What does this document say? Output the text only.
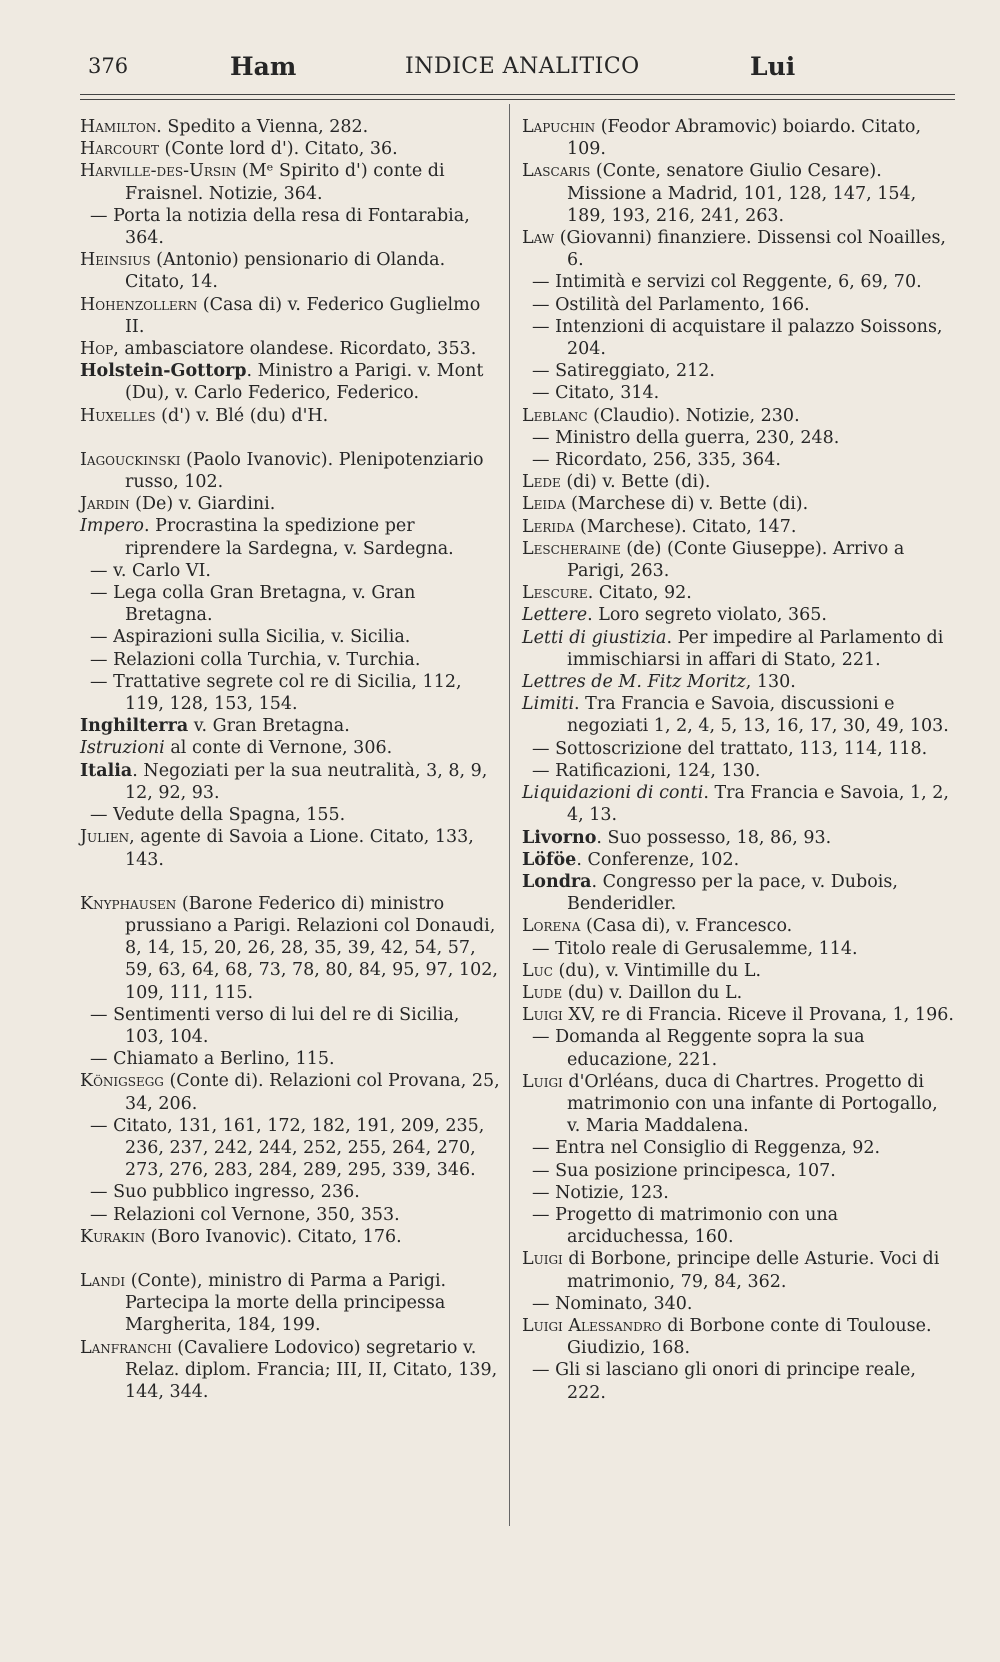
376	Ham	INDICE ANALITICO	Lui

Hamilton. Spedito a Vienna, 282.

Harcourt (Conte lord d'). Citato, 36.

Harville-des-Ursin (Mᵉ Spirito d') conte di Fraisnel. Notizie, 364.

— Porta la notizia della resa di Fontarabia, 364.

Heinsius (Antonio) pensionario di Olanda. Citato, 14.

Hohenzollern (Casa di) v. Federico Guglielmo II.

Hop, ambasciatore olandese. Ricordato, 353.

Holstein-Gottorp. Ministro a Parigi. v. Mont (Du), v. Carlo Federico, Federico.

Huxelles (d') v. Blé (du) d'H.

Iagouckinski (Paolo Ivanovic). Plenipotenziario russo, 102.

Jardin (De) v. Giardini.

Impero. Procrastina la spedizione per riprendere la Sardegna, v. Sardegna.

— v. Carlo VI.

— Lega colla Gran Bretagna, v. Gran Bretagna.

— Aspirazioni sulla Sicilia, v. Sicilia.

— Relazioni colla Turchia, v. Turchia.

— Trattative segrete col re di Sicilia, 112, 119, 128, 153, 154.

Inghilterra v. Gran Bretagna.

Istruzioni al conte di Vernone, 306.

Italia. Negoziati per la sua neutralità, 3, 8, 9, 12, 92, 93.

— Vedute della Spagna, 155.

Julien, agente di Savoia a Lione. Citato, 133, 143.

Knyphausen (Barone Federico di) ministro prussiano a Parigi. Relazioni col Donaudi, 8, 14, 15, 20, 26, 28, 35, 39, 42, 54, 57, 59, 63, 64, 68, 73, 78, 80, 84, 95, 97, 102, 109, 111, 115.

— Sentimenti verso di lui del re di Sicilia, 103, 104.

— Chiamato a Berlino, 115.

Königsegg (Conte di). Relazioni col Provana, 25, 34, 206.

— Citato, 131, 161, 172, 182, 191, 209, 235, 236, 237, 242, 244, 252, 255, 264, 270, 273, 276, 283, 284, 289, 295, 339, 346.

— Suo pubblico ingresso, 236.

— Relazioni col Vernone, 350, 353.

Kurakin (Boro Ivanovic). Citato, 176.

Landi (Conte), ministro di Parma a Parigi. Partecipa la morte della principessa Margherita, 184, 199.

Lanfranchi (Cavaliere Lodovico) segretario v. Relaz. diplom. Francia; III, II, Citato, 139, 144, 344.

Lapuchin (Feodor Abramovic) boiardo. Citato, 109.

Lascaris (Conte, senatore Giulio Cesare). Missione a Madrid, 101, 128, 147, 154, 189, 193, 216, 241, 263.

Law (Giovanni) finanziere. Dissensi col Noailles, 6.

— Intimità e servizi col Reggente, 6, 69, 70.

— Ostilità del Parlamento, 166.

— Intenzioni di acquistare il palazzo Soissons, 204.

— Satireggiato, 212.

— Citato, 314.

Leblanc (Claudio). Notizie, 230.

— Ministro della guerra, 230, 248.

— Ricordato, 256, 335, 364.

Lede (di) v. Bette (di).

Leida (Marchese di) v. Bette (di).

Lerida (Marchese). Citato, 147.

Lescheraine (de) (Conte Giuseppe). Arrivo a Parigi, 263.

Lescure. Citato, 92.

Lettere. Loro segreto violato, 365.

Letti di giustizia. Per impedire al Parlamento di immischiarsi in affari di Stato, 221.

Lettres de M. Fitz Moritz, 130.

Limiti. Tra Francia e Savoia, discussioni e negoziati 1, 2, 4, 5, 13, 16, 17, 30, 49, 103.

— Sottoscrizione del trattato, 113, 114, 118.

— Ratificazioni, 124, 130.

Liquidazioni di conti. Tra Francia e Savoia, 1, 2, 4, 13.

Livorno. Suo possesso, 18, 86, 93.

Löföe. Conferenze, 102.

Londra. Congresso per la pace, v. Dubois, Benderidler.

Lorena (Casa di), v. Francesco.

— Titolo reale di Gerusalemme, 114.

Luc (du), v. Vintimille du L.

Lude (du) v. Daillon du L.

Luigi XV, re di Francia. Riceve il Provana, 1, 196.

— Domanda al Reggente sopra la sua educazione, 221.

Luigi d'Orléans, duca di Chartres. Progetto di matrimonio con una infante di Portogallo, v. Maria Maddalena.

— Entra nel Consiglio di Reggenza, 92.

— Sua posizione principesca, 107.

— Notizie, 123.

— Progetto di matrimonio con una arciduchessa, 160.

Luigi di Borbone, principe delle Asturie. Voci di matrimonio, 79, 84, 362.

— Nominato, 340.

Luigi Alessandro di Borbone conte di Toulouse. Giudizio, 168.

— Gli si lasciano gli onori di principe reale, 222.
